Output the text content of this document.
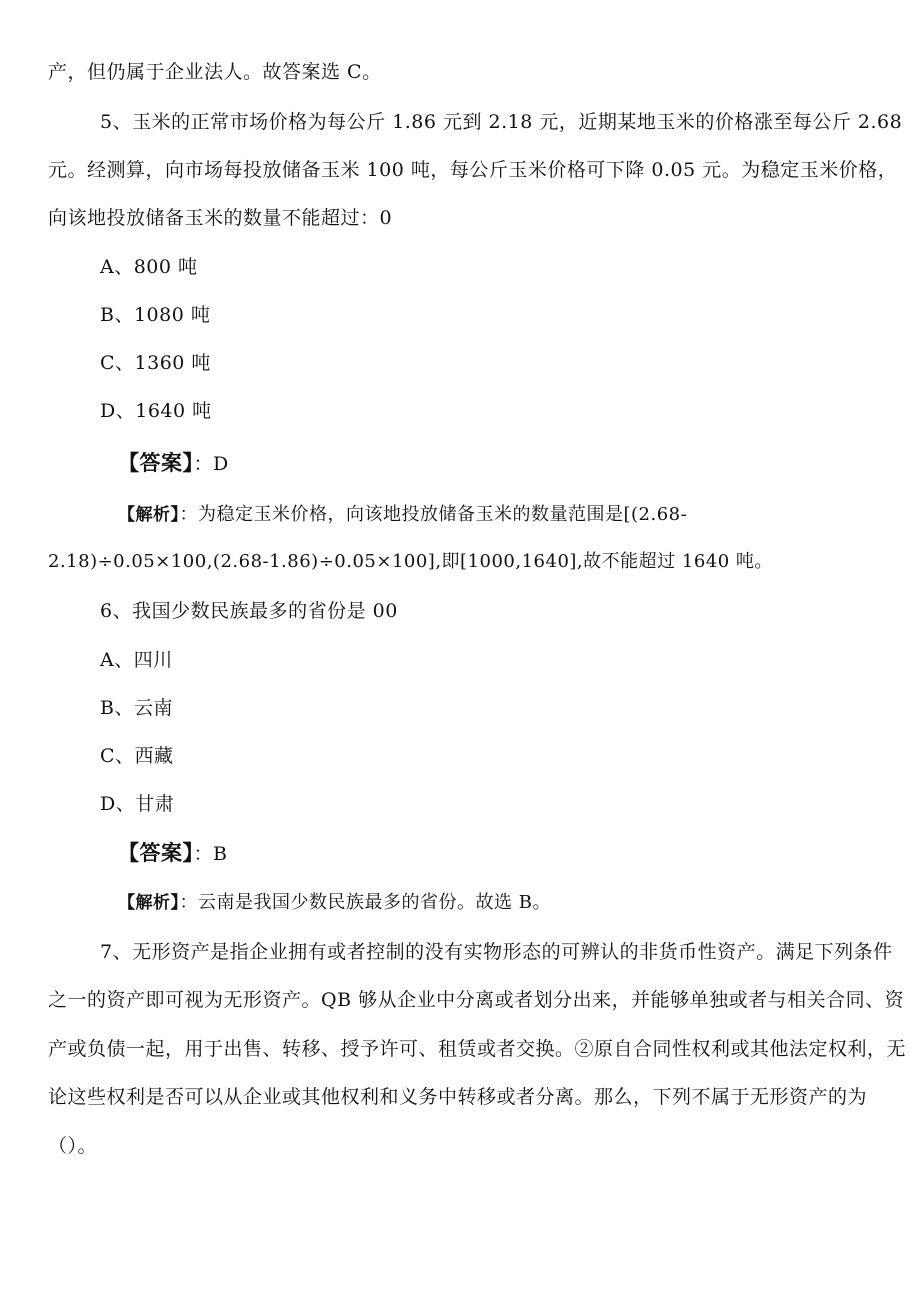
产，但仍属于企业法人。故答案选 C。
5、玉米的正常市场价格为每公斤 1.86 元到 2.18 元，近期某地玉米的价格涨至每公斤 2.68
元。经测算，向市场每投放储备玉米 100 吨，每公斤玉米价格可下降 0.05 元。为稳定玉米价格，
向该地投放储备玉米的数量不能超过：0
A、800 吨
B、1080 吨
C、1360 吨
D、1640 吨
【答案】：D
【解析】：为稳定玉米价格，向该地投放储备玉米的数量范围是[(2.68-
2.18)÷0.05×100,(2.68-1.86)÷0.05×100],即[1000,1640],故不能超过 1640 吨。
6、我国少数民族最多的省份是 00
A、四川
B、云南
C、西藏
D、甘肃
【答案】：B
【解析】：云南是我国少数民族最多的省份。故选 B。
7、无形资产是指企业拥有或者控制的没有实物形态的可辨认的非货币性资产。满足下列条件
之一的资产即可视为无形资产。QB 够从企业中分离或者划分出来，并能够单独或者与相关合同、资
产或负债一起，用于出售、转移、授予许可、租赁或者交换。②原自合同性权利或其他法定权利，无
论这些权利是否可以从企业或其他权利和义务中转移或者分离。那么，下列不属于无形资产的为
（）。
